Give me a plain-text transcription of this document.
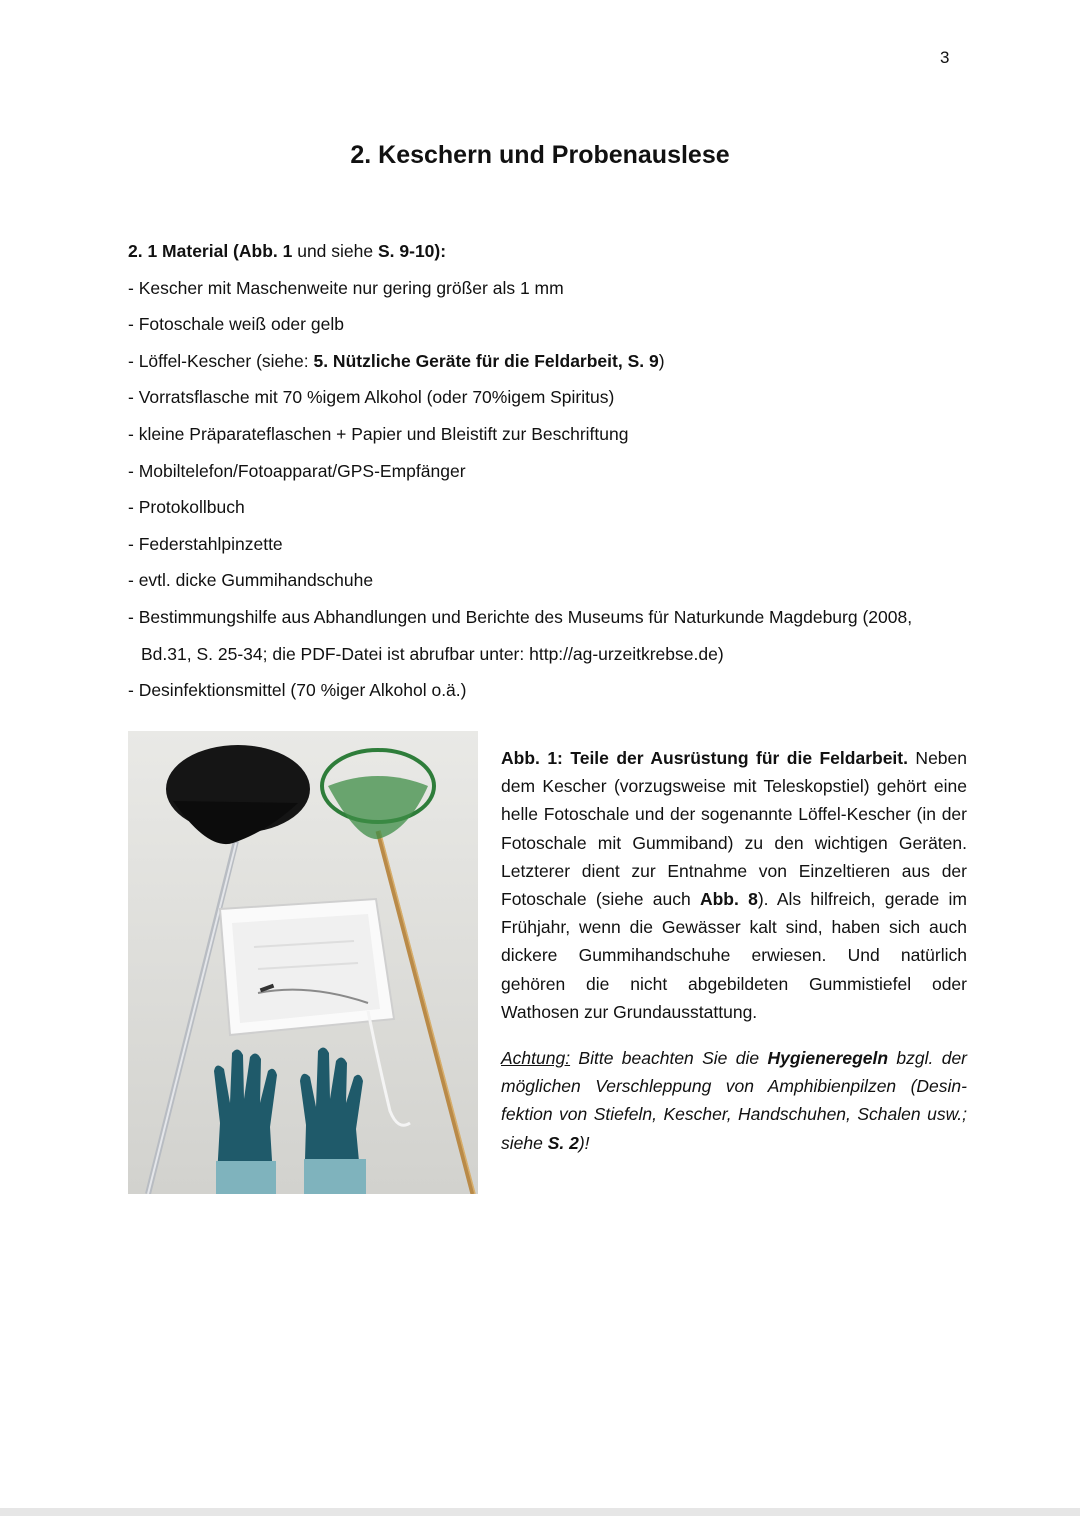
3
2. Keschern und Probenauslese
2. 1 Material (Abb. 1 und siehe S. 9-10):
- Kescher mit Maschenweite nur gering größer als 1 mm
- Fotoschale weiß oder gelb
- Löffel-Kescher (siehe: 5. Nützliche Geräte für die Feldarbeit, S. 9)
- Vorratsflasche mit 70 %igem Alkohol (oder 70%igem Spiritus)
- kleine Präparateflaschen + Papier und Bleistift zur Beschriftung
- Mobiltelefon/Fotoapparat/GPS-Empfänger
- Protokollbuch
- Federstahlpinzette
- evtl. dicke Gummihandschuhe
- Bestimmungshilfe aus Abhandlungen und Berichte des Museums für Naturkunde Magdeburg (2008,
Bd.31, S. 25-34; die PDF-Datei ist abrufbar unter: http://ag-urzeitkrebse.de)
- Desinfektionsmittel (70 %iger Alkohol o.ä.)

Abb. 1: Teile der Ausrüstung für die Feldarbeit. Neben dem Kescher (vorzugsweise mit Teleskopstiel) gehört eine helle Fotoschale und der sogenannte Löffel-Kescher (in der Fotoschale mit Gummiband) zu den wichtigen Geräten. Letzterer dient zur Entnahme von Einzeltieren aus der Fotoschale (siehe auch Abb. 8). Als hilfreich, gerade im Frühjahr, wenn die Gewässer kalt sind, haben sich auch dickere Gummihandschuhe erwiesen. Und natürlich gehören die nicht abgebildeten Gummistiefel oder Wathosen zur Grundausstattung.

Achtung: Bitte beachten Sie die Hygieneregeln bzgl. der möglichen Verschleppung von Amphibienpilzen (Desin-fektion von Stiefeln, Kescher, Handschuhen, Schalen usw.; siehe S. 2)!
